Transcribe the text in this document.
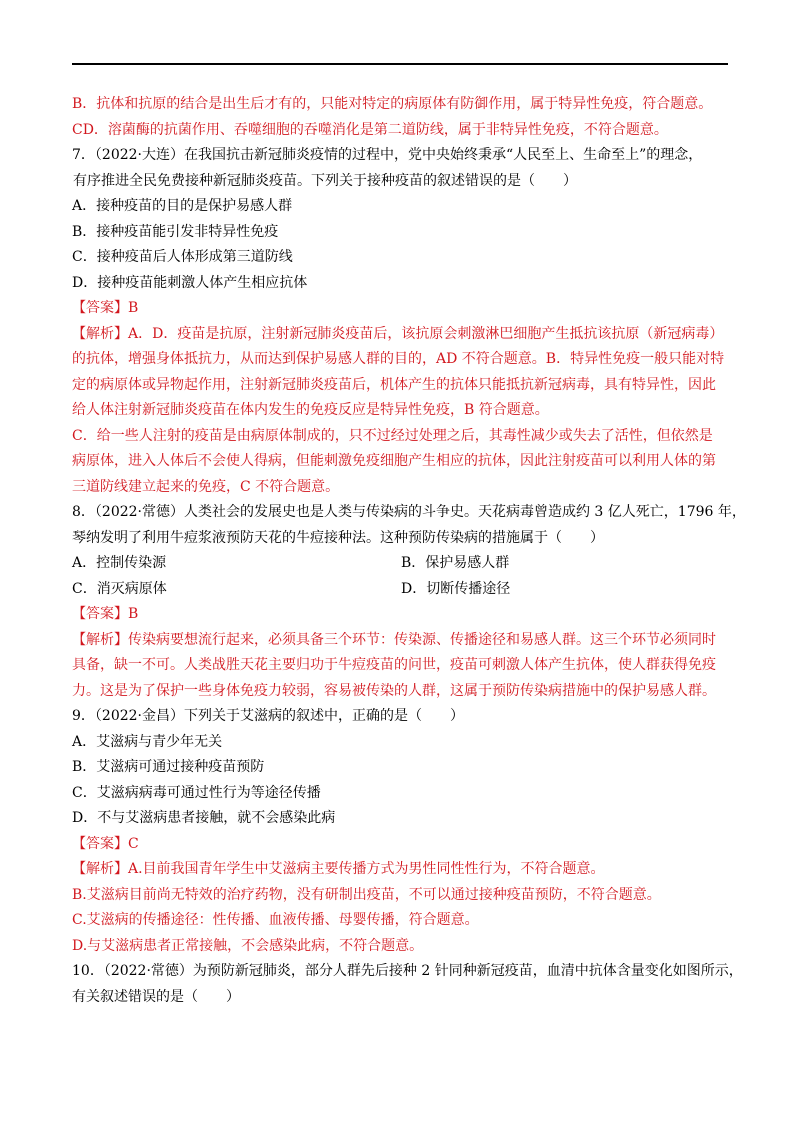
B．抗体和抗原的结合是出生后才有的，只能对特定的病原体有防御作用，属于特异性免疫，符合题意。
CD．溶菌酶的抗菌作用、吞噬细胞的吞噬消化是第二道防线，属于非特异性免疫，不符合题意。
7．（2022·大连）在我国抗击新冠肺炎疫情的过程中，党中央始终秉承“人民至上、生命至上”的理念，
有序推进全民免费接种新冠肺炎疫苗。下列关于接种疫苗的叙述错误的是（　　）
A．接种疫苗的目的是保护易感人群
B．接种疫苗能引发非特异性免疫
C．接种疫苗后人体形成第三道防线
D．接种疫苗能刺激人体产生相应抗体
【答案】B
【解析】A．D．疫苗是抗原，注射新冠肺炎疫苗后，该抗原会刺激淋巴细胞产生抵抗该抗原（新冠病毒）
的抗体，增强身体抵抗力，从而达到保护易感人群的目的，AD 不符合题意。B．特异性免疫一般只能对特
定的病原体或异物起作用，注射新冠肺炎疫苗后，机体产生的抗体只能抵抗新冠病毒，具有特异性，因此
给人体注射新冠肺炎疫苗在体内发生的免疫反应是特异性免疫，B 符合题意。
C．给一些人注射的疫苗是由病原体制成的，只不过经过处理之后，其毒性减少或失去了活性，但依然是
病原体，进入人体后不会使人得病，但能刺激免疫细胞产生相应的抗体，因此注射疫苗可以利用人体的第
三道防线建立起来的免疫，C 不符合题意。
8．（2022·常德）人类社会的发展史也是人类与传染病的斗争史。天花病毒曾造成约 3 亿人死亡，1796 年，
琴纳发明了利用牛痘浆液预防天花的牛痘接种法。这种预防传染病的措施属于（　　）
A．控制传染源	B．保护易感人群
C．消灭病原体	D．切断传播途径
【答案】B
【解析】传染病要想流行起来，必须具备三个环节：传染源、传播途径和易感人群。这三个环节必须同时
具备，缺一不可。人类战胜天花主要归功于牛痘疫苗的问世，疫苗可刺激人体产生抗体，使人群获得免疫
力。这是为了保护一些身体免疫力较弱，容易被传染的人群，这属于预防传染病措施中的保护易感人群。
9．（2022·金昌）下列关于艾滋病的叙述中，正确的是（　　）
A．艾滋病与青少年无关
B．艾滋病可通过接种疫苗预防
C．艾滋病病毒可通过性行为等途径传播
D．不与艾滋病患者接触，就不会感染此病
【答案】C
【解析】A.目前我国青年学生中艾滋病主要传播方式为男性同性性行为，不符合题意。
B.艾滋病目前尚无特效的治疗药物，没有研制出疫苗，不可以通过接种疫苗预防，不符合题意。
C.艾滋病的传播途径：性传播、血液传播、母婴传播，符合题意。
D.与艾滋病患者正常接触，不会感染此病，不符合题意。
10．（2022·常德）为预防新冠肺炎，部分人群先后接种 2 针同种新冠疫苗，血清中抗体含量变化如图所示，
有关叙述错误的是（　　）
